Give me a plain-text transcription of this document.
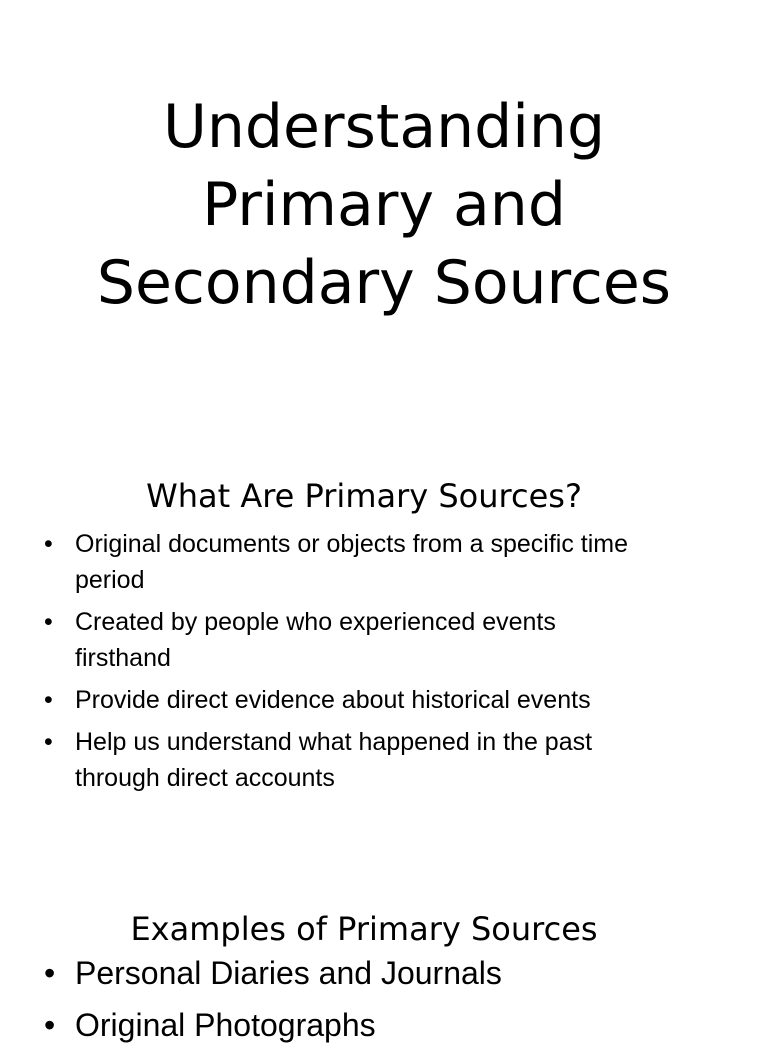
Understanding
Primary and
Secondary Sources
What Are Primary Sources?
• Original documents or objects from a specific time period
• Created by people who experienced events firsthand
• Provide direct evidence about historical events
• Help us understand what happened in the past through direct accounts
Examples of Primary Sources
• Personal Diaries and Journals
• Original Photographs
